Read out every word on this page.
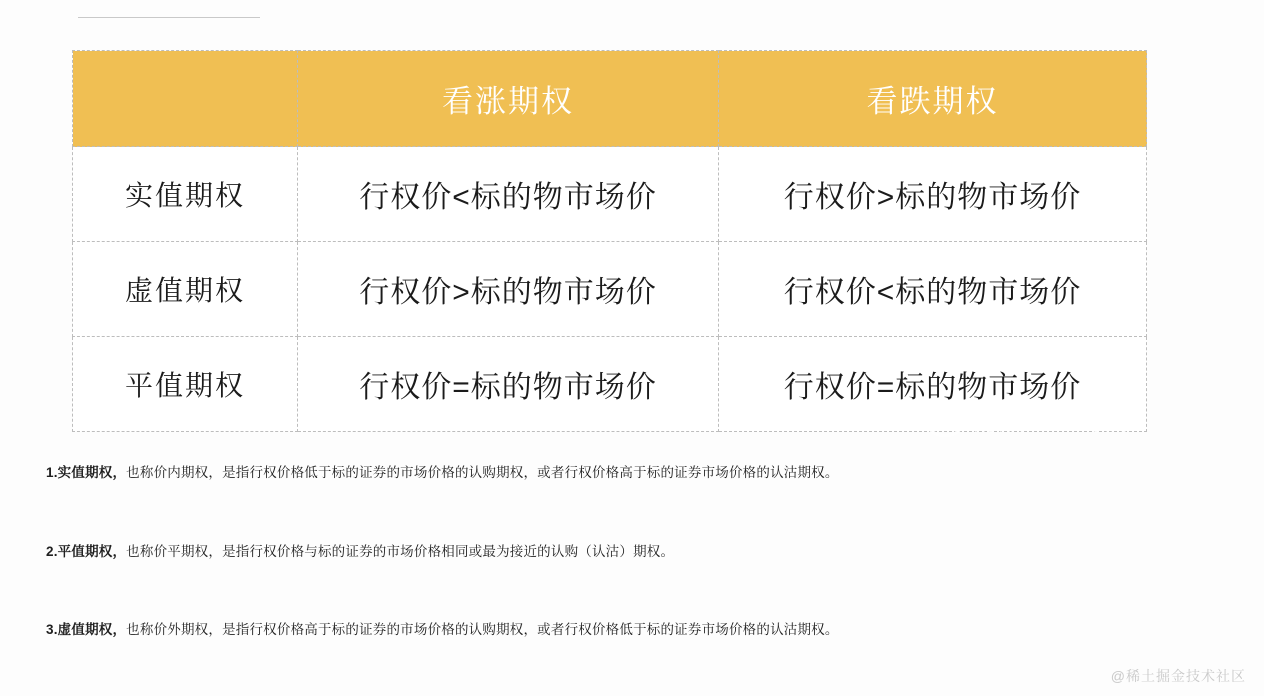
	看涨期权	看跌期权
实值期权	行权价<标的物市场价	行权价>标的物市场价
虚值期权	行权价>标的物市场价	行权价<标的物市场价
平值期权	行权价=标的物市场价	行权价=标的物市场价
财顺ETF期权
1.实值期权，也称价内期权，是指行权价格低于标的证券的市场价格的认购期权，或者行权价格高于标的证券市场价格的认沽期权。
2.平值期权，也称价平期权，是指行权价格与标的证券的市场价格相同或最为接近的认购（认沽）期权。
3.虚值期权，也称价外期权，是指行权价格高于标的证券的市场价格的认购期权，或者行权价格低于标的证券市场价格的认沽期权。
@稀土掘金技术社区
